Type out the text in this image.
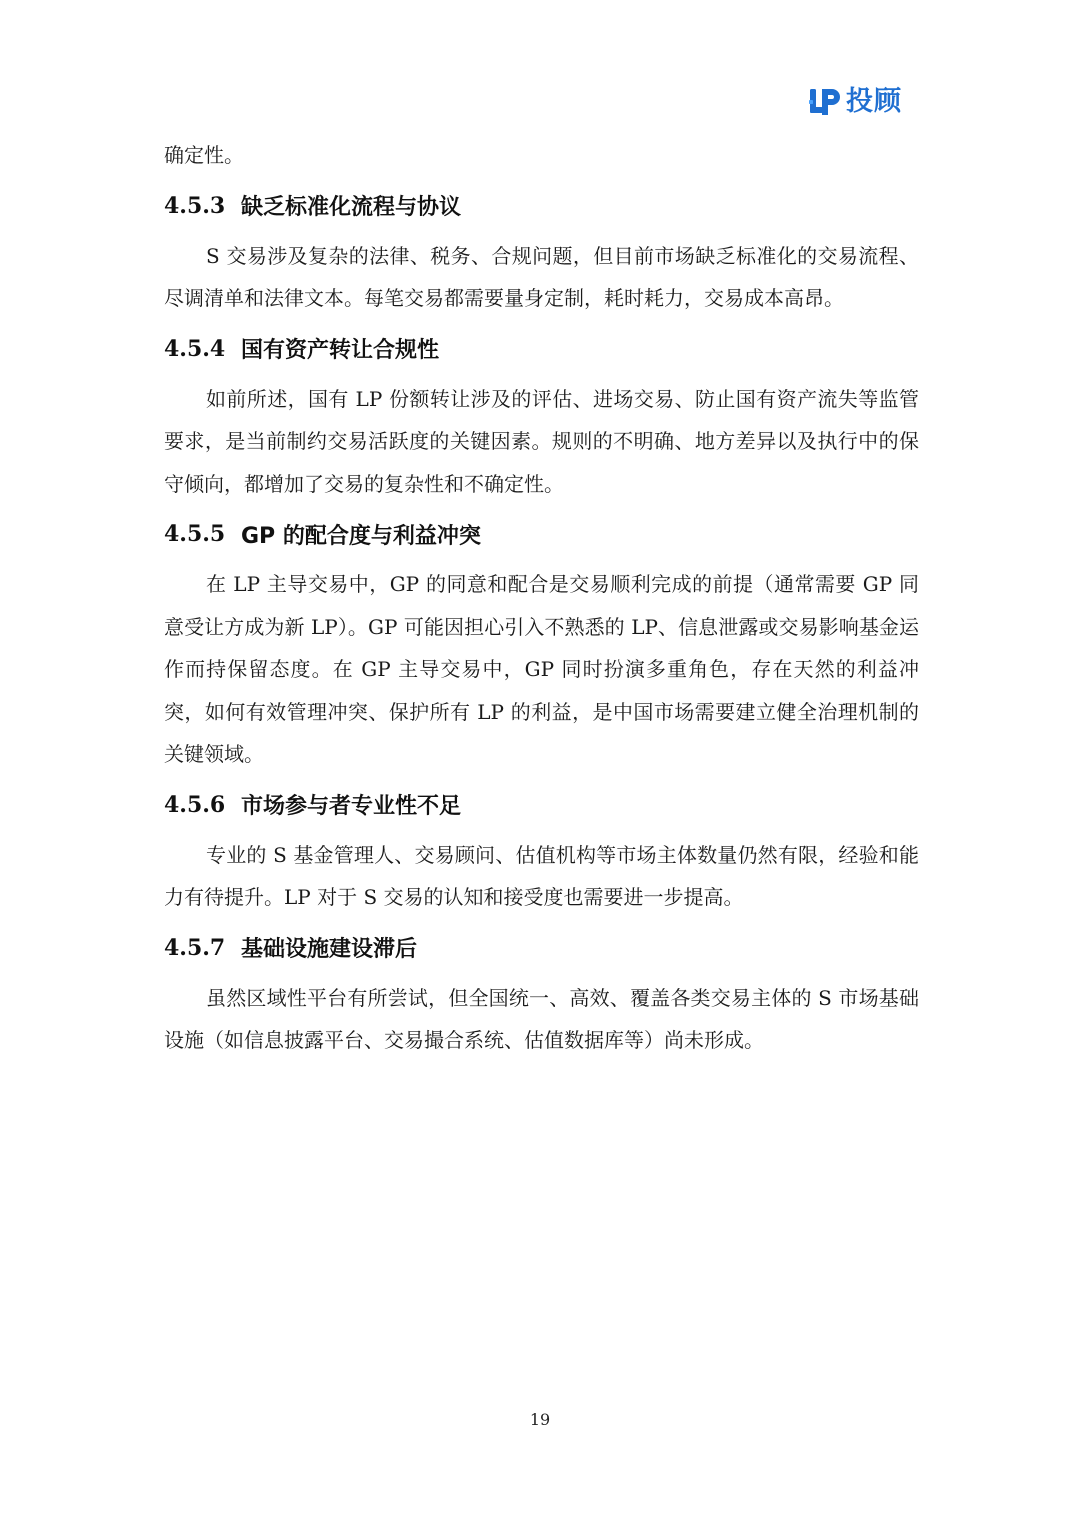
投顾

确定性。

4.5.3 缺乏标准化流程与协议

S 交易涉及复杂的法律、税务、合规问题，但目前市场缺乏标准化的交易流程、尽调清单和法律文本。每笔交易都需要量身定制，耗时耗力，交易成本高昂。

4.5.4 国有资产转让合规性

如前所述，国有 LP 份额转让涉及的评估、进场交易、防止国有资产流失等监管要求，是当前制约交易活跃度的关键因素。规则的不明确、地方差异以及执行中的保守倾向，都增加了交易的复杂性和不确定性。

4.5.5 GP 的配合度与利益冲突

在 LP 主导交易中，GP 的同意和配合是交易顺利完成的前提（通常需要 GP 同意受让方成为新 LP）。GP 可能因担心引入不熟悉的 LP、信息泄露或交易影响基金运作而持保留态度。在 GP 主导交易中，GP 同时扮演多重角色，存在天然的利益冲突，如何有效管理冲突、保护所有 LP 的利益，是中国市场需要建立健全治理机制的关键领域。

4.5.6 市场参与者专业性不足

专业的 S 基金管理人、交易顾问、估值机构等市场主体数量仍然有限，经验和能力有待提升。LP 对于 S 交易的认知和接受度也需要进一步提高。

4.5.7 基础设施建设滞后

虽然区域性平台有所尝试，但全国统一、高效、覆盖各类交易主体的 S 市场基础设施（如信息披露平台、交易撮合系统、估值数据库等）尚未形成。

19
